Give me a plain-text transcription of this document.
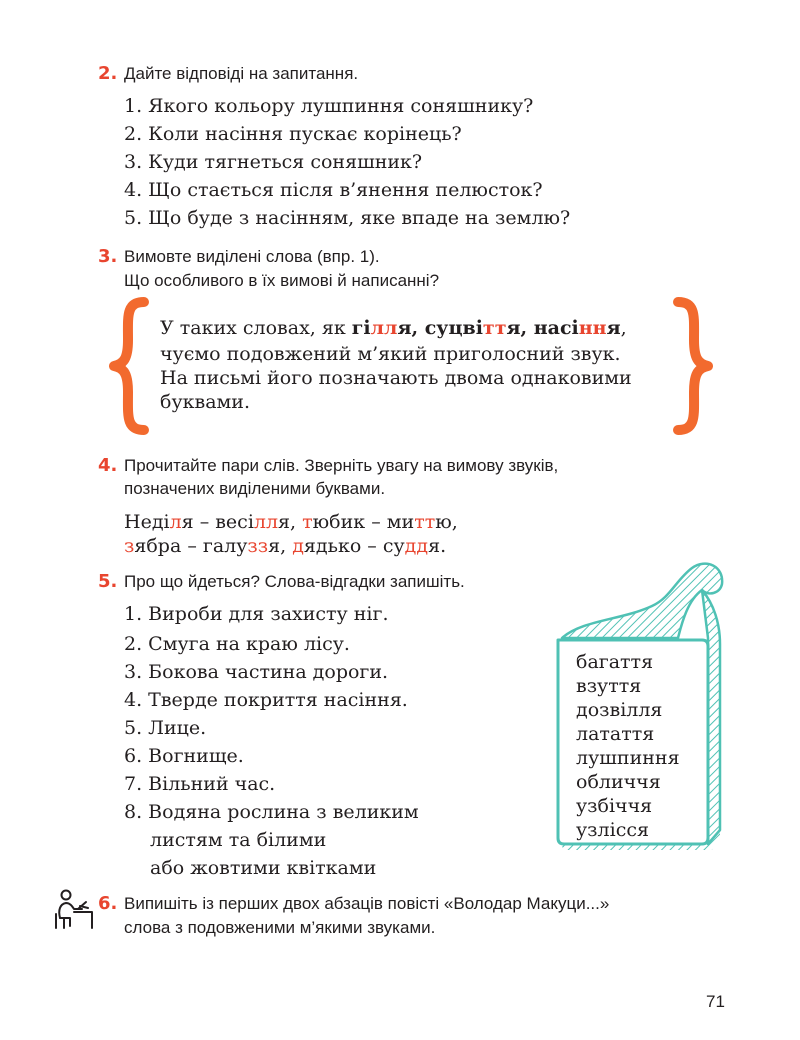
2. Дайте відповіді на запитання.
1. Якого кольору лушпиння соняшнику?
2. Коли насіння пускає корінець?
3. Куди тягнеться соняшник?
4. Що стається після в’янення пелюсток?
5. Що буде з насінням, яке впаде на землю?
3. Вимовте виділені слова (впр. 1).
Що особливого в їх вимові й написанні?
У таких словах, як гілля, суцвіття, насіння,
чуємо подовжений м’який приголосний звук.
На письмі його позначають двома однаковими
буквами.
4. Прочитайте пари слів. Зверніть увагу на вимову звуків,
позначених виділеними буквами.
Неділя – весілля, тюбик – миттю,
зябра – галуззя, дядько – суддя.
5. Про що йдеться? Слова-відгадки запишіть.
1. Вироби для захисту ніг.
2. Смуга на краю лісу.
3. Бокова частина дороги.
4. Тверде покриття насіння.
5. Лице.
6. Вогнище.
7. Вільний час.
8. Водяна рослина з великим
листям та білими
або жовтими квітками
багаття
взуття
дозвілля
латаття
лушпиння
обличчя
узбіччя
узлісся
6. Випишіть із перших двох абзаців повісті «Володар Макуци...»
слова з подовженими м’якими звуками.
71
